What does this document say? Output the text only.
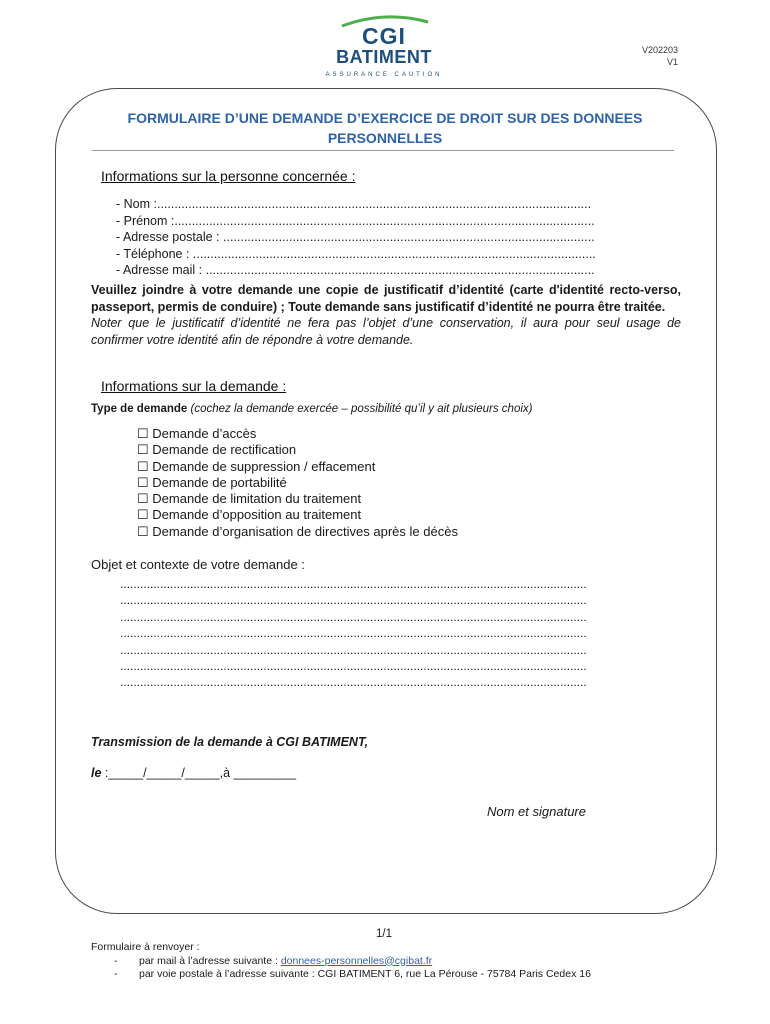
CGI
BATIMENT
ASSURANCE CAUTION
V202203
V1
FORMULAIRE D’UNE DEMANDE D’EXERCICE DE DROIT SUR DES DONNEES PERSONNELLES
Informations sur la personne concernée :
- Nom :.............................................................................................................................
- Prénom :.........................................................................................................................
- Adresse postale : ...........................................................................................................
- Téléphone : ....................................................................................................................
- Adresse mail : ................................................................................................................
Veuillez joindre à votre demande une copie de justificatif d’identité (carte d'identité recto-verso, passeport, permis de conduire) ; Toute demande sans justificatif d’identité ne pourra être traitée.
Noter que le justificatif d’identité ne fera pas l’objet d’une conservation, il aura pour seul usage de confirmer votre identité afin de répondre à votre demande.
Informations sur la demande :
Type de demande (cochez la demande exercée – possibilité qu’il y ait plusieurs choix)
☐ Demande d’accès
☐ Demande de rectification
☐ Demande de suppression / effacement
☐ Demande de portabilité
☐ Demande de limitation du traitement
☐ Demande d’opposition au traitement
☐ Demande d’organisation de directives après le décès
Objet et contexte de votre demande :
............................................................................................................................................
............................................................................................................................................
............................................................................................................................................
............................................................................................................................................
............................................................................................................................................
............................................................................................................................................
............................................................................................................................................
Transmission de la demande à CGI BATIMENT,
le :_____/_____/_____,à _________
Nom et signature
1/1
Formulaire à renvoyer :
- par mail à l’adresse suivante : donnees-personnelles@cgibat.fr
- par voie postale à l’adresse suivante : CGI BATIMENT 6, rue La Pérouse - 75784 Paris Cedex 16
